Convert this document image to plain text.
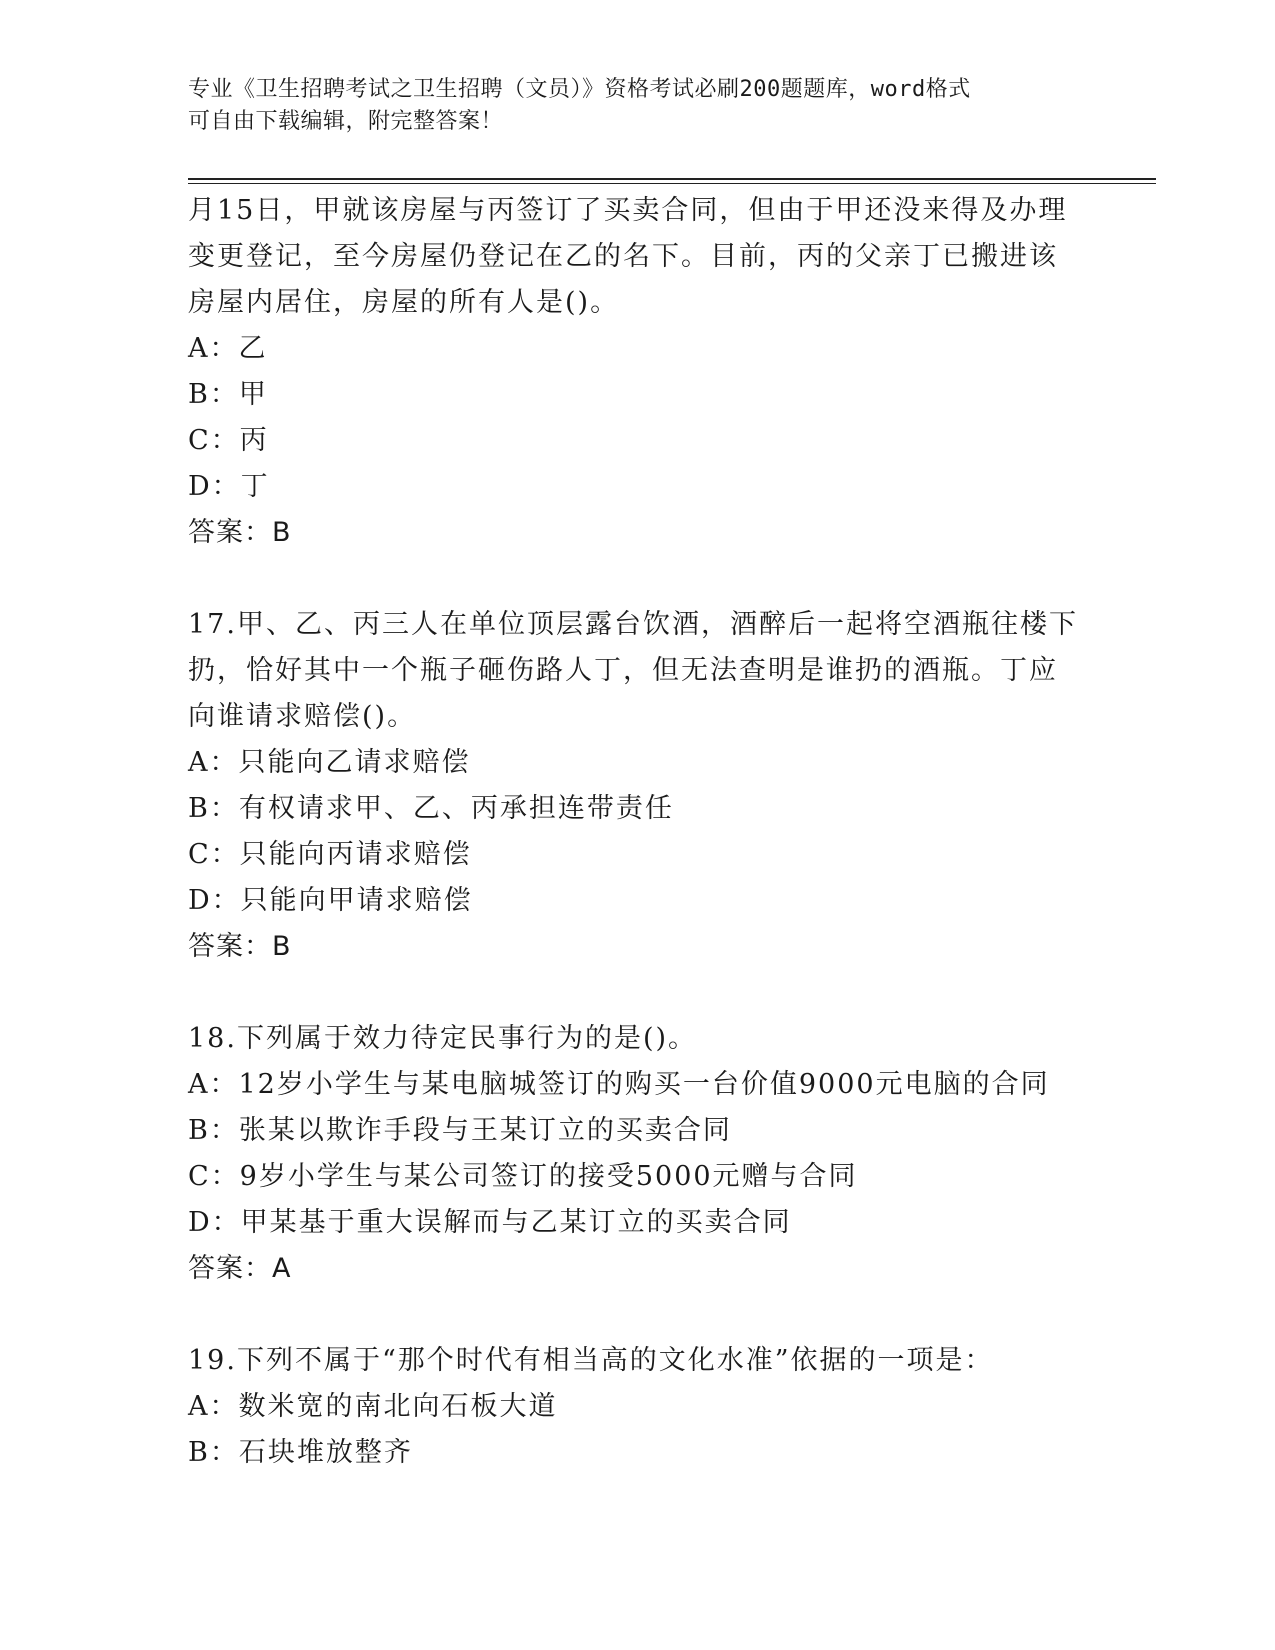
专业《卫生招聘考试之卫生招聘（文员）》资格考试必刷200题题库，word格式
可自由下载编辑，附完整答案！
月15日，甲就该房屋与丙签订了买卖合同，但由于甲还没来得及办理
变更登记，至今房屋仍登记在乙的名下。目前，丙的父亲丁已搬进该
房屋内居住，房屋的所有人是()。
A：乙
B：甲
C：丙
D：丁
答案：B
17.甲、乙、丙三人在单位顶层露台饮酒，酒醉后一起将空酒瓶往楼下
扔，恰好其中一个瓶子砸伤路人丁，但无法查明是谁扔的酒瓶。丁应
向谁请求赔偿()。
A：只能向乙请求赔偿
B：有权请求甲、乙、丙承担连带责任
C：只能向丙请求赔偿
D：只能向甲请求赔偿
答案：B
18.下列属于效力待定民事行为的是()。
A：12岁小学生与某电脑城签订的购买一台价值9000元电脑的合同
B：张某以欺诈手段与王某订立的买卖合同
C：9岁小学生与某公司签订的接受5000元赠与合同
D：甲某基于重大误解而与乙某订立的买卖合同
答案：A
19.下列不属于“那个时代有相当高的文化水准”依据的一项是：
A：数米宽的南北向石板大道
B：石块堆放整齐
